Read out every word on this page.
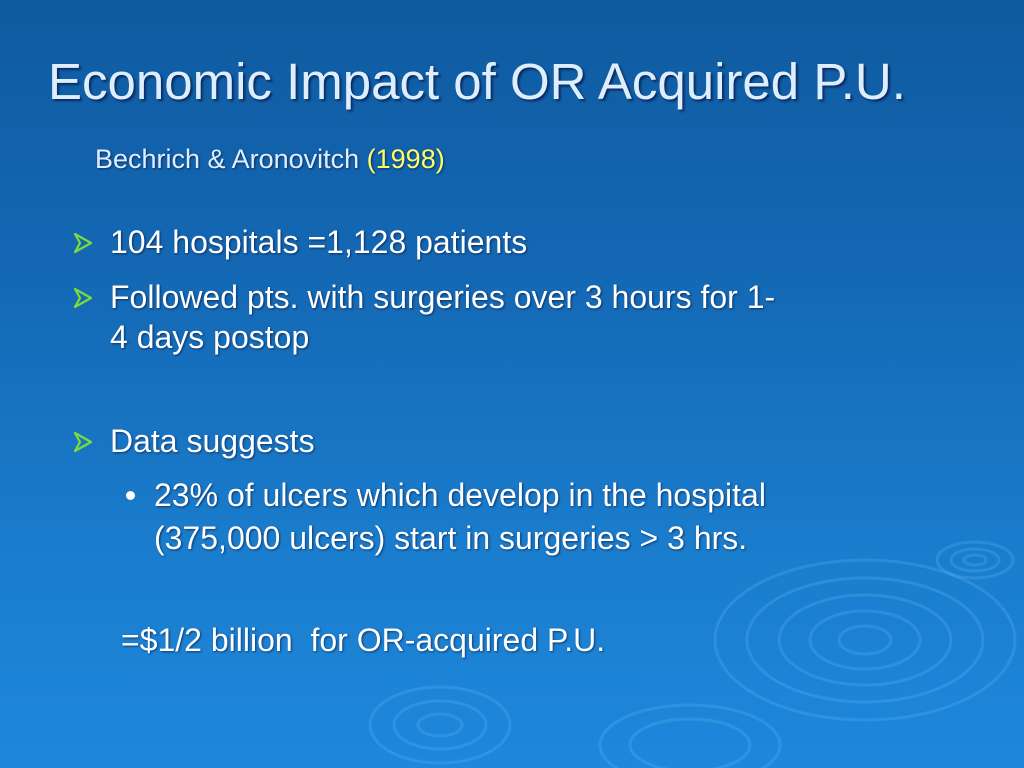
Economic Impact of OR Acquired P.U.
Bechrich & Aronovitch (1998)
104 hospitals =1,128 patients
Followed pts. with surgeries over 3 hours for 1-
4 days postop
Data suggests
23% of ulcers which develop in the hospital
(375,000 ulcers) start in surgeries > 3 hrs.
=$1/2 billion  for OR-acquired P.U.
